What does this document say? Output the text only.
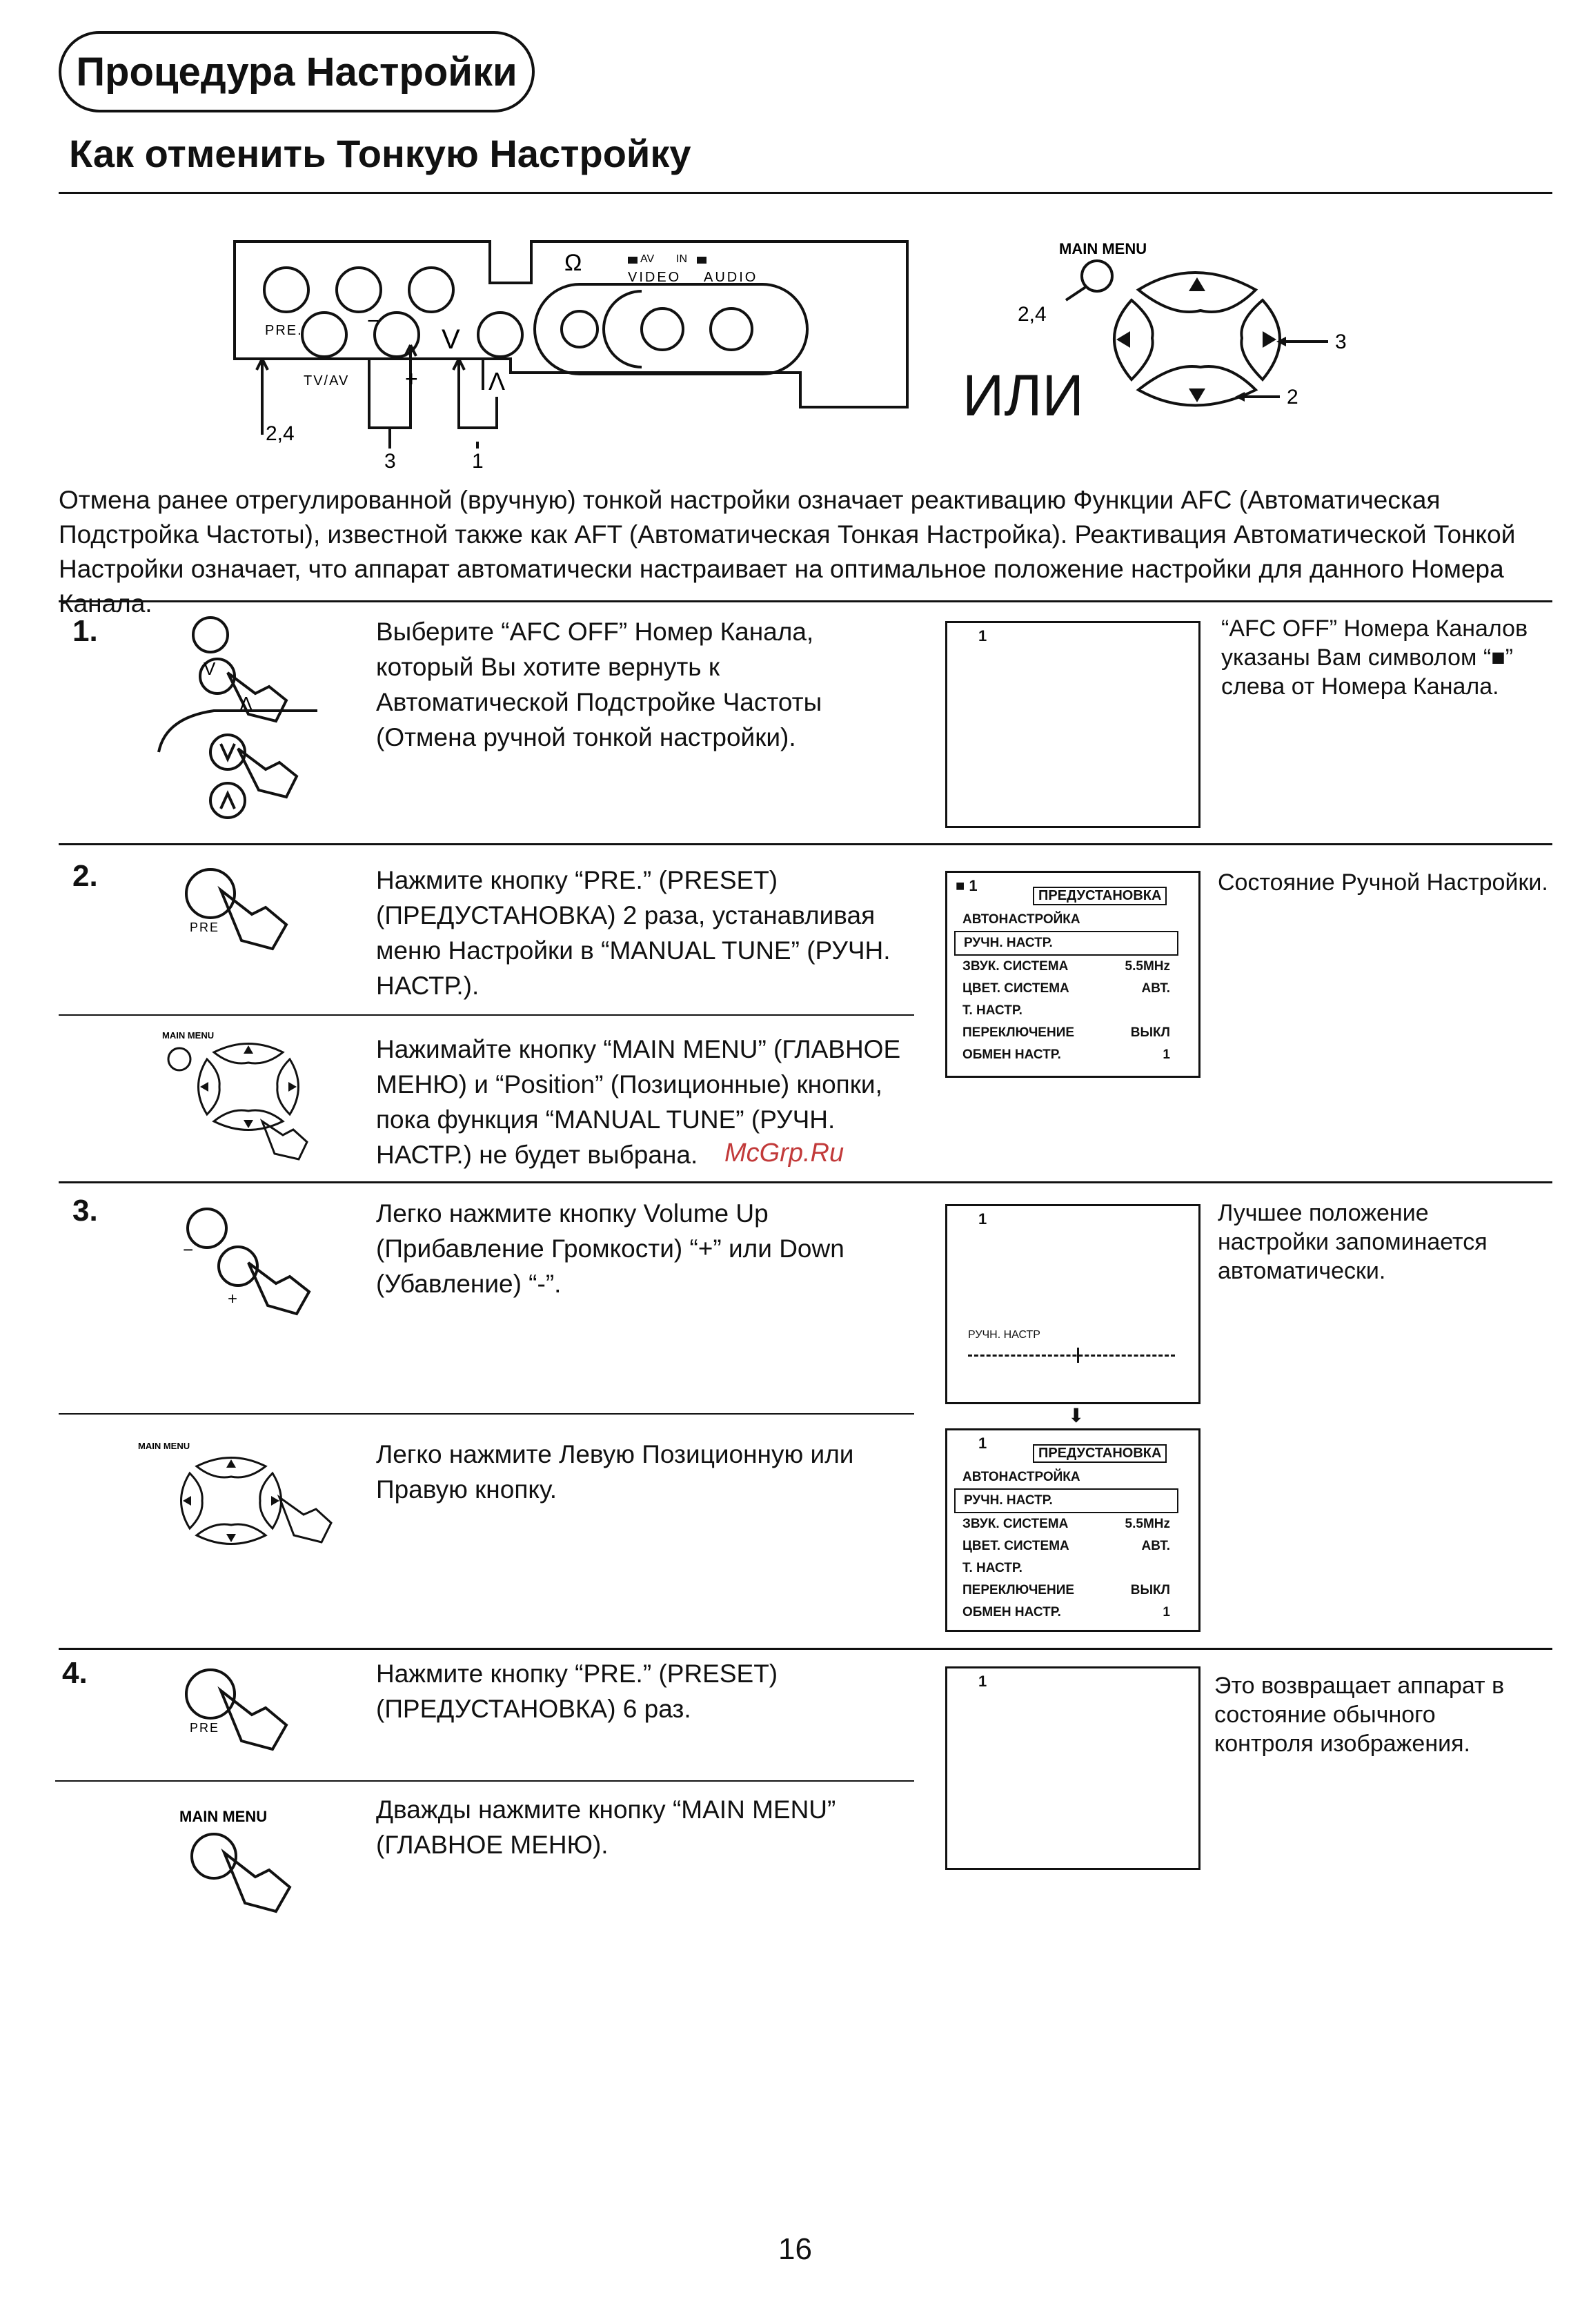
Процедура Настройки
Как отменить Тонкую Настройку
PRE.	−
V
TV/AV	+	Λ
Ω	AV IN
VIDEO AUDIO
2,4
3	1
ИЛИ
MAIN MENU
2,4
3
2
Отмена ранее отрегулированной (вручную) тонкой настройки означает реактивацию Функции AFC (Автоматическая Подстройка Частоты), известной также как AFT (Автоматическая Тонкая Настройка). Реактивация Автоматической Тонкой Настройки означает, что аппарат автоматически настраивает на оптимальное положение настройки для данного Номера Канала.
1.
V
Λ
Выберите “AFC OFF” Номер Канала, который Вы хотите вернуть к Автоматической Подстройке Частоты (Отмена ручной тонкой настройки).
1	“AFC OFF” Номера Каналов указаны Вам символом “■” слева от Номера Канала.
2.
PRE
Нажмите кнопку “PRE.” (PRESET) (ПРЕДУСТАНОВКА) 2 раза, устанавливая меню Настройки в “MANUAL TUNE” (РУЧН. НАСТР.).
MAIN MENU	Нажимайте кнопку “MAIN MENU” (ГЛАВНОЕ МЕНЮ) и “Position” (Позиционные) кнопки, пока функция “MANUAL TUNE” (РУЧН. НАСТР.) не будет выбрана.	McGrp.Ru
■ 1
ПРЕДУСТАНОВКА
АВТОНАСТРОЙКА
РУЧН. НАСТР.
ЗВУК. СИСТЕМА	5.5MHz
ЦВЕТ. СИСТЕМА	АВТ.
Т. НАСТР.
ПЕРЕКЛЮЧЕНИЕ	ВЫКЛ
ОБМЕН НАСТР.	1
Состояние Ручной Настройки.
3.
−
+
Легко нажмите кнопку Volume Up (Прибавление Громкости) “+” или Down (Убавление) “-”.
1
РУЧН. НАСТР
Лучшее положение настройки запоминается автоматически.
⬇
MAIN MENU	Легко нажмите Левую Позиционную или Правую кнопку.
1
ПРЕДУСТАНОВКА
АВТОНАСТРОЙКА
РУЧН. НАСТР.
ЗВУК. СИСТЕМА	5.5MHz
ЦВЕТ. СИСТЕМА	АВТ.
Т. НАСТР.
ПЕРЕКЛЮЧЕНИЕ	ВЫКЛ
ОБМЕН НАСТР.	1
4.
PRE
Нажмите кнопку “PRE.” (PRESET) (ПРЕДУСТАНОВКА) 6 раз.
1	Это возвращает аппарат в состояние обычного контроля изображения.
MAIN MENU	Дважды нажмите кнопку “MAIN MENU” (ГЛАВНОЕ МЕНЮ).
16
